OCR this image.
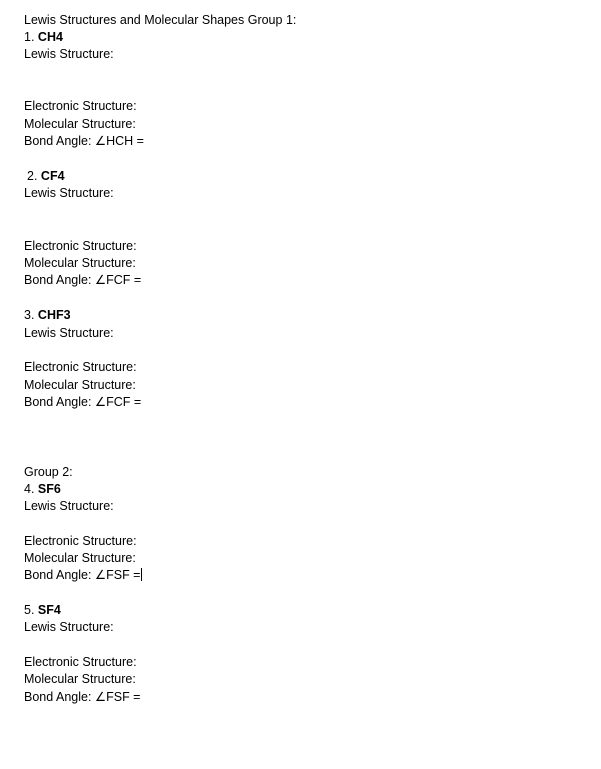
Lewis Structures and Molecular Shapes Group 1:
1. CH4
Lewis Structure:
Electronic Structure:
Molecular Structure:
Bond Angle: ∠HCH =
2. CF4
Lewis Structure:
Electronic Structure:
Molecular Structure:
Bond Angle: ∠FCF =
3. CHF3
Lewis Structure:
Electronic Structure:
Molecular Structure:
Bond Angle: ∠FCF =
Group 2:
4. SF6
Lewis Structure:
Electronic Structure:
Molecular Structure:
Bond Angle: ∠FSF =
5. SF4
Lewis Structure:
Electronic Structure:
Molecular Structure:
Bond Angle: ∠FSF =
